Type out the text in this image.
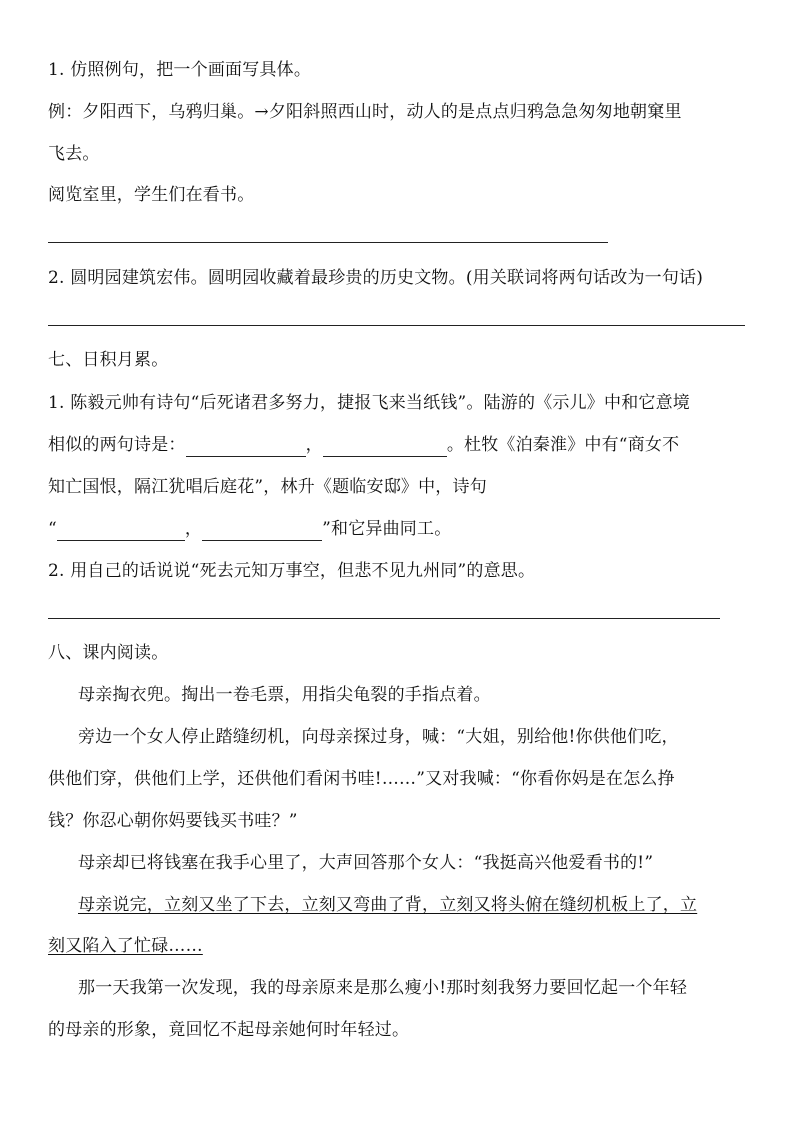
1. 仿照例句，把一个画面写具体。
例：夕阳西下，乌鸦归巢。→夕阳斜照西山时，动人的是点点归鸦急急匆匆地朝窠里
飞去。
阅览室里，学生们在看书。
2. 圆明园建筑宏伟。圆明园收藏着最珍贵的历史文物。(用关联词将两句话改为一句话)
七、日积月累。
1. 陈毅元帅有诗句“后死诸君多努力，捷报飞来当纸钱”。陆游的《示儿》中和它意境
相似的两句诗是：	，	。杜牧《泊秦淮》中有“商女不
知亡国恨，隔江犹唱后庭花”，林升《题临安邸》中，诗句
“	，	”和它异曲同工。
2. 用自己的话说说“死去元知万事空，但悲不见九州同”的意思。
八、课内阅读。
母亲掏衣兜。掏出一卷毛票，用指尖龟裂的手指点着。
旁边一个女人停止踏缝纫机，向母亲探过身，喊：“大姐，别给他!你供他们吃，
供他们穿，供他们上学，还供他们看闲书哇!……”又对我喊：“你看你妈是在怎么挣
钱？你忍心朝你妈要钱买书哇？”
母亲却已将钱塞在我手心里了，大声回答那个女人：“我挺高兴他爱看书的!”
母亲说完，立刻又坐了下去，立刻又弯曲了背，立刻又将头俯在缝纫机板上了，立
刻又陷入了忙碌……
那一天我第一次发现，我的母亲原来是那么瘦小!那时刻我努力要回忆起一个年轻
的母亲的形象，竟回忆不起母亲她何时年轻过。
